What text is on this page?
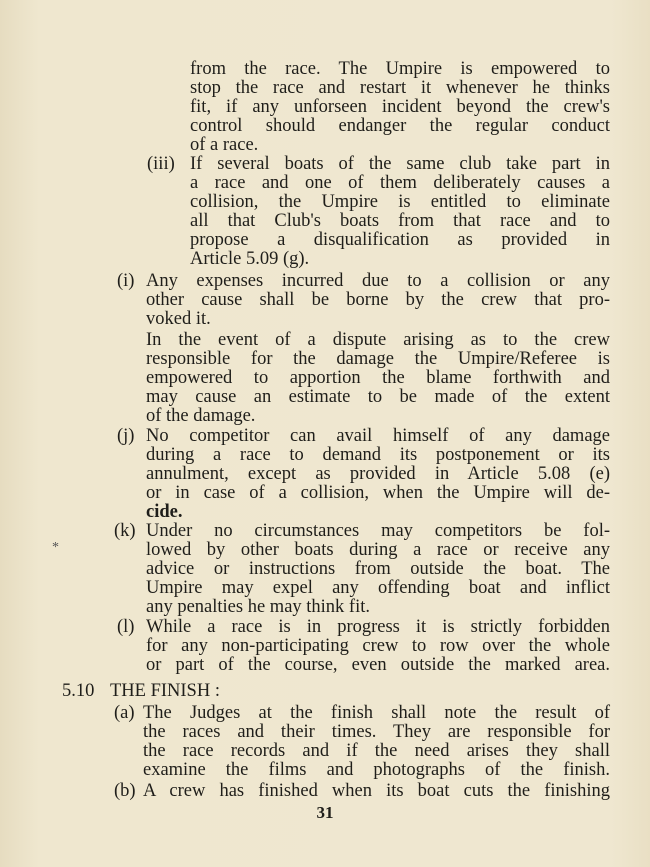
from the race. The Umpire is empowered to
stop the race and restart it whenever he thinks
fit, if any unforseen incident beyond the crew's
control should endanger the regular conduct
of a race.
(iii) If several boats of the same club take part in
a race and one of them deliberately causes a
collision, the Umpire is entitled to eliminate
all that Club's boats from that race and to
propose a disqualification as provided in
Article 5.09 (g).
(i) Any expenses incurred due to a collision or any
other cause shall be borne by the crew that pro-
voked it.
In the event of a dispute arising as to the crew
responsible for the damage the Umpire/Referee is
empowered to apportion the blame forthwith and
may cause an estimate to be made of the extent
of the damage.
(j) No competitor can avail himself of any damage
during a race to demand its postponement or its
annulment, except as provided in Article 5.08 (e)
or in case of a collision, when the Umpire will de-
cide.
*
(k) Under no circumstances may competitors be fol-
lowed by other boats during a race or receive any
advice or instructions from outside the boat. The
Umpire may expel any offending boat and inflict
any penalties he may think fit.
(l) While a race is in progress it is strictly forbidden
for any non-participating crew to row over the whole
or part of the course, even outside the marked area.
5.10 THE FINISH :
(a) The Judges at the finish shall note the result of
the races and their times. They are responsible for
the race records and if the need arises they shall
examine the films and photographs of the finish.
(b) A crew has finished when its boat cuts the finishing
31
